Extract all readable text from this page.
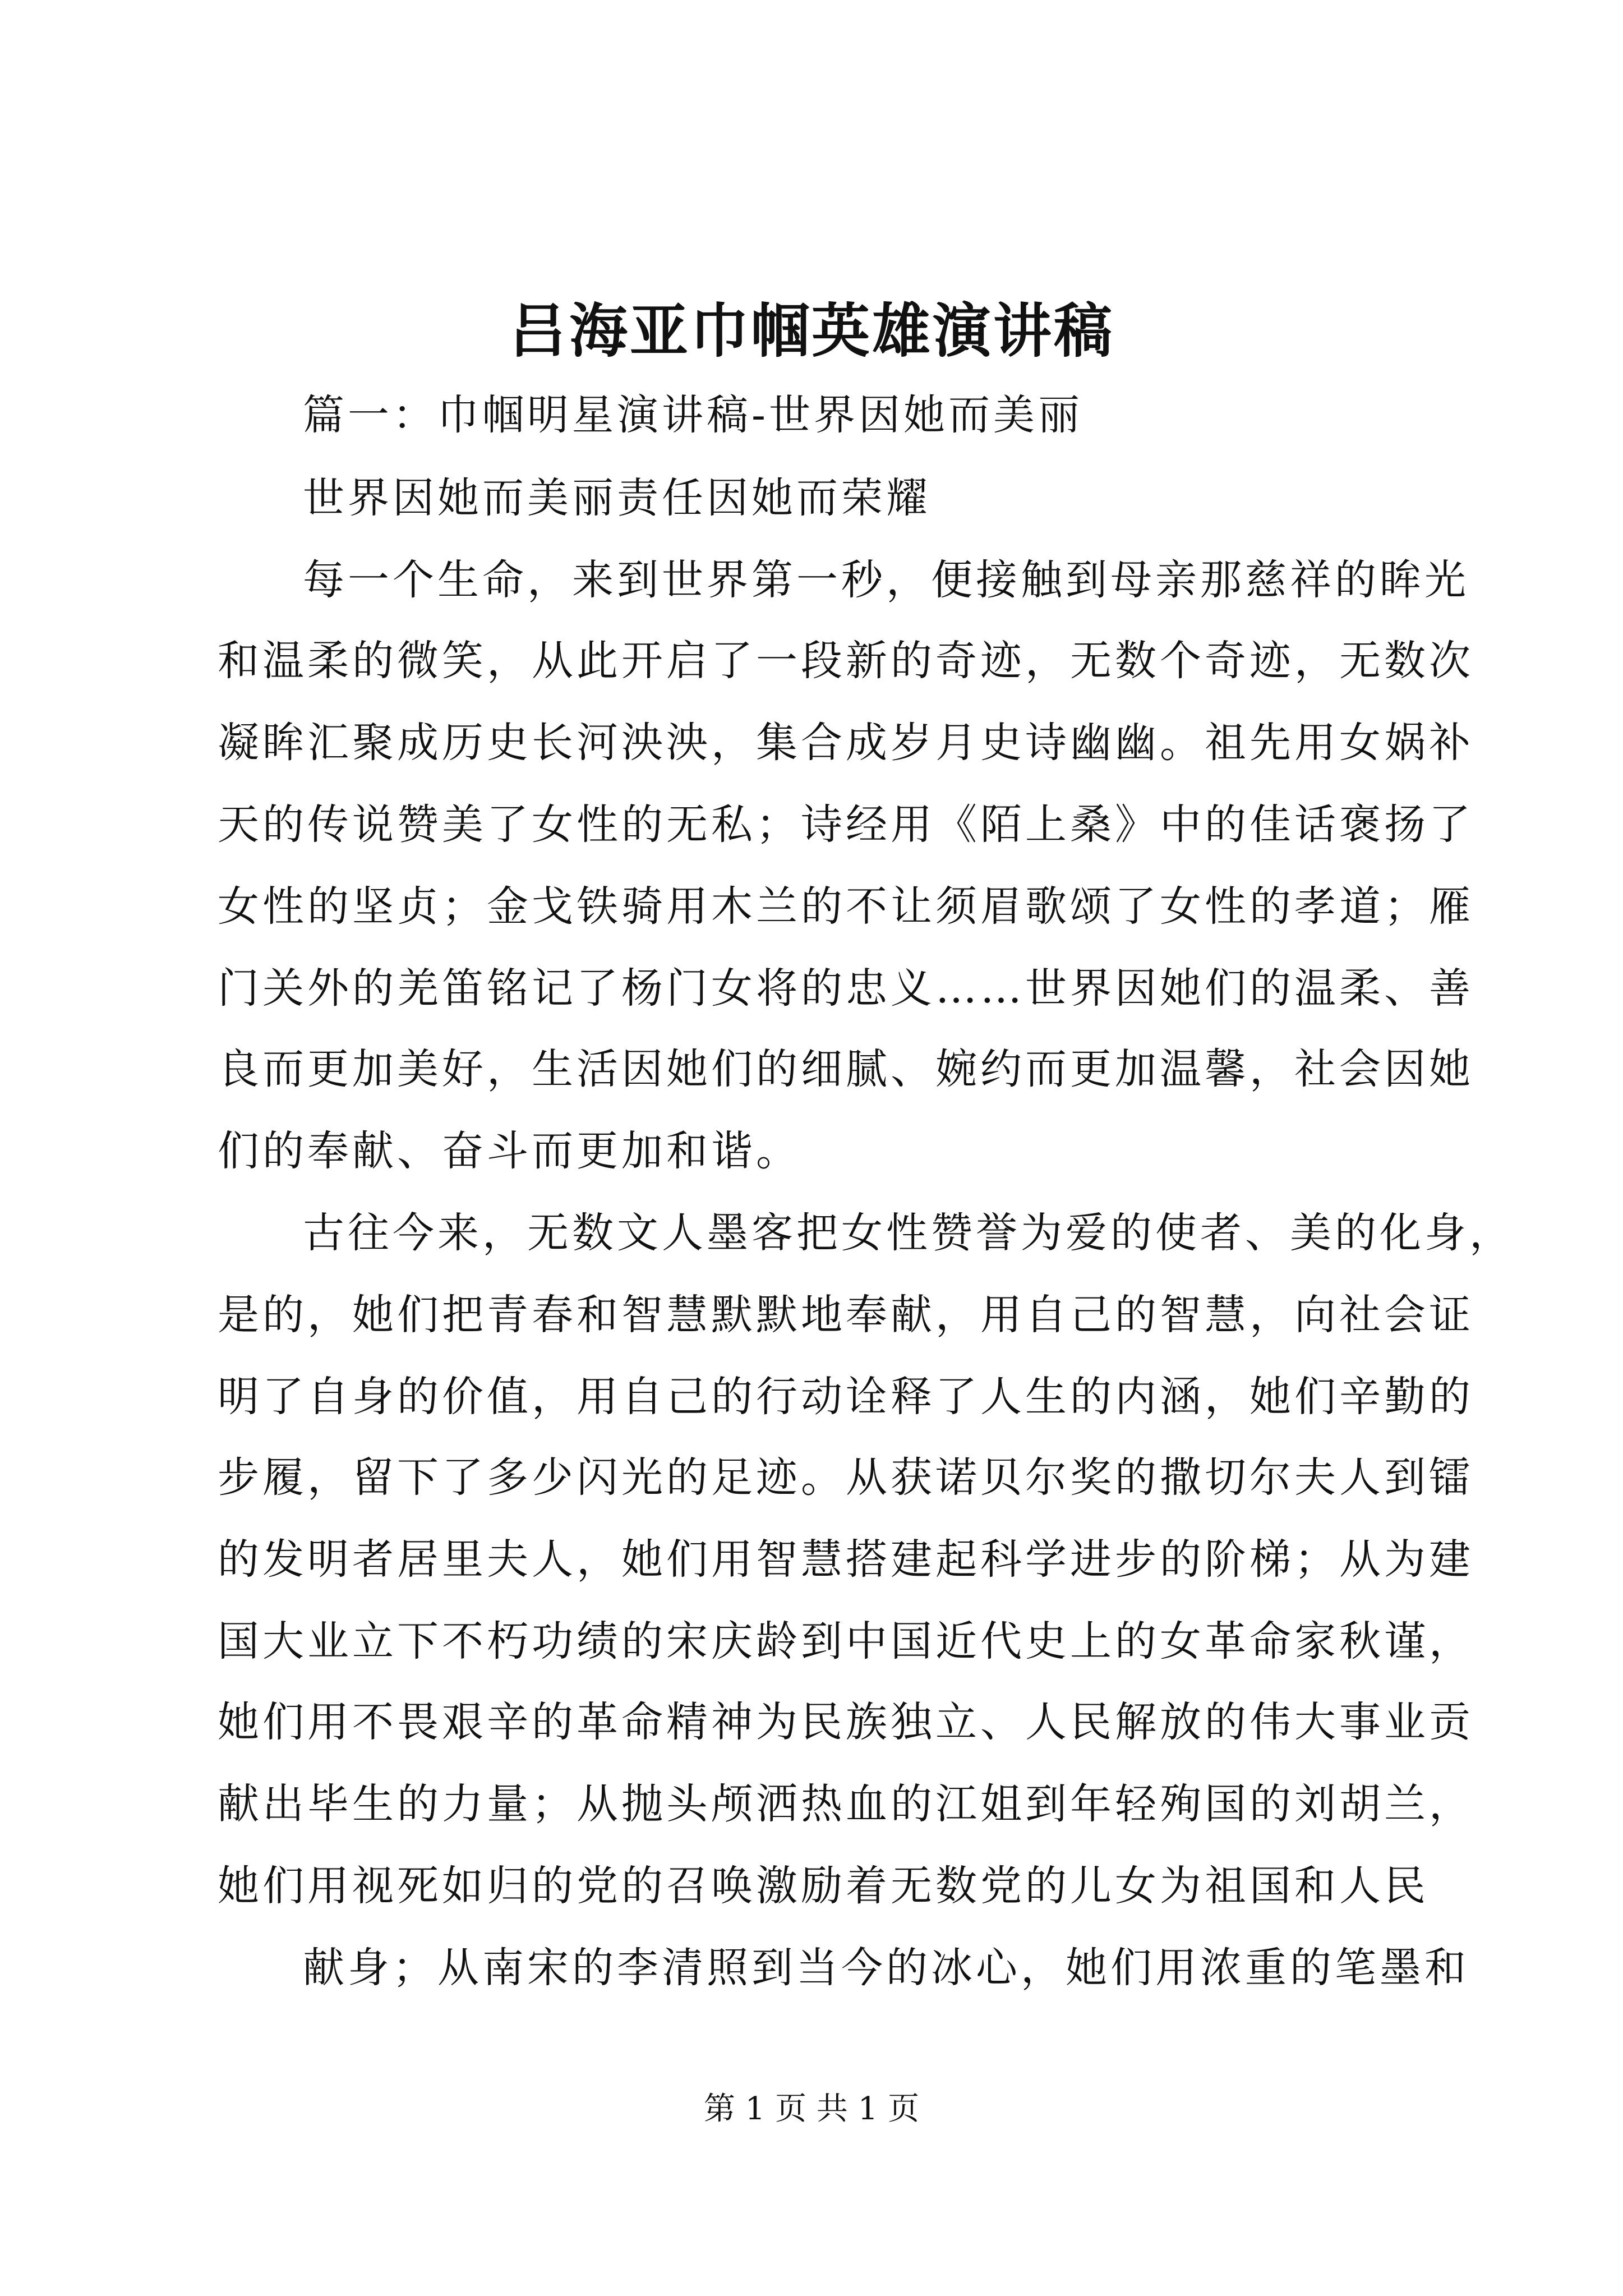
吕海亚巾帼英雄演讲稿
篇一：巾帼明星演讲稿-世界因她而美丽
世界因她而美丽责任因她而荣耀
每一个生命，来到世界第一秒，便接触到母亲那慈祥的眸光
和温柔的微笑，从此开启了一段新的奇迹，无数个奇迹，无数次
凝眸汇聚成历史长河泱泱，集合成岁月史诗幽幽。祖先用女娲补
天的传说赞美了女性的无私；诗经用《陌上桑》中的佳话褒扬了
女性的坚贞；金戈铁骑用木兰的不让须眉歌颂了女性的孝道；雁
门关外的羌笛铭记了杨门女将的忠义……世界因她们的温柔、善
良而更加美好，生活因她们的细腻、婉约而更加温馨，社会因她
们的奉献、奋斗而更加和谐。
古往今来，无数文人墨客把女性赞誉为爱的使者、美的化身，
是的，她们把青春和智慧默默地奉献，用自己的智慧，向社会证
明了自身的价值，用自己的行动诠释了人生的内涵，她们辛勤的
步履，留下了多少闪光的足迹。从获诺贝尔奖的撒切尔夫人到镭
的发明者居里夫人，她们用智慧搭建起科学进步的阶梯；从为建
国大业立下不朽功绩的宋庆龄到中国近代史上的女革命家秋谨，
她们用不畏艰辛的革命精神为民族独立、人民解放的伟大事业贡
献出毕生的力量；从抛头颅洒热血的江姐到年轻殉国的刘胡兰，
她们用视死如归的党的召唤激励着无数党的儿女为祖国和人民
献身；从南宋的李清照到当今的冰心，她们用浓重的笔墨和
第 1 页 共 1 页
